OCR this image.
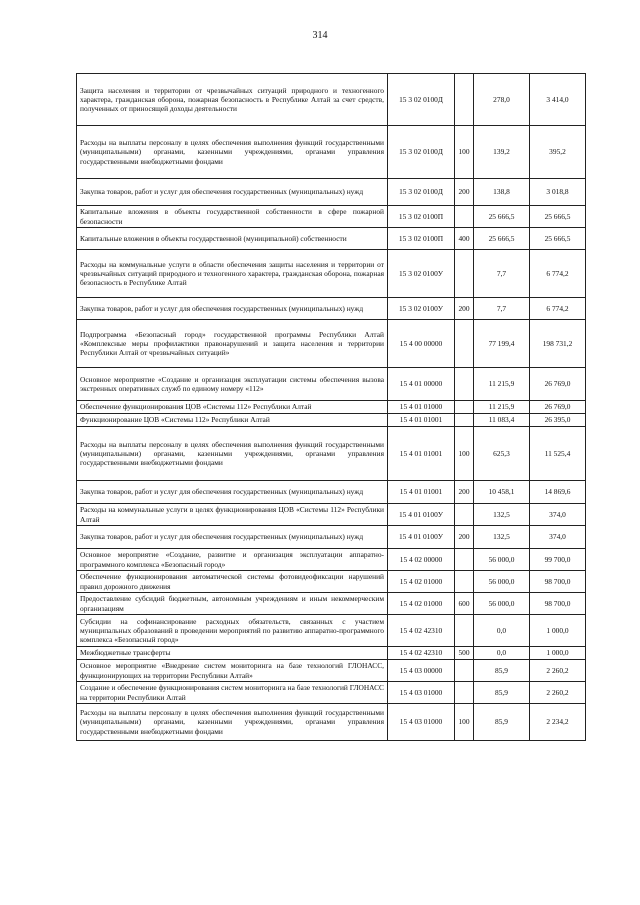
314
Защита населения и территории от чрезвычайных ситуаций природного и техногенного характера, гражданская оборона, пожарная безопасность в Республике Алтай за счет средств, полученных от приносящей доходы деятельности	15 3 02 0100Д		278,0	3 414,0
Расходы на выплаты персоналу в целях обеспечения выполнения функций государственными (муниципальными) органами, казенными учреждениями, органами управления государственными внебюджетными фондами	15 3 02 0100Д	100	139,2	395,2
Закупка товаров, работ и услуг для обеспечения государственных (муниципальных) нужд	15 3 02 0100Д	200	138,8	3 018,8
Капитальные вложения в объекты государственной собственности в сфере пожарной безопасности	15 3 02 0100П		25 666,5	25 666,5
Капитальные вложения в объекты государственной (муниципальной) собственности	15 3 02 0100П	400	25 666,5	25 666,5
Расходы на коммунальные услуги в области обеспечения защиты населения и территории от чрезвычайных ситуаций природного и техногенного характера, гражданская оборона, пожарная безопасность в Республике Алтай	15 3 02 0100У		7,7	6 774,2
Закупка товаров, работ и услуг для обеспечения государственных (муниципальных) нужд	15 3 02 0100У	200	7,7	6 774,2
Подпрограмма «Безопасный город» государственной программы Республики Алтай «Комплексные меры профилактики правонарушений и защита населения и территории Республики Алтай от чрезвычайных ситуаций»	15 4 00 00000		77 199,4	198 731,2
Основное мероприятие «Создание и организация эксплуатации системы обеспечения вызова экстренных оперативных служб по единому номеру «112»	15 4 01 00000		11 215,9	26 769,0
Обеспечение функционирования ЦОВ «Системы 112» Республики Алтай	15 4 01 01000		11 215,9	26 769,0
Функционирование ЦОВ «Системы 112» Республики Алтай	15 4 01 01001		11 083,4	26 395,0
Расходы на выплаты персоналу в целях обеспечения выполнения функций государственными (муниципальными) органами, казенными учреждениями, органами управления государственными внебюджетными фондами	15 4 01 01001	100	625,3	11 525,4
Закупка товаров, работ и услуг для обеспечения государственных (муниципальных) нужд	15 4 01 01001	200	10 458,1	14 869,6
Расходы на коммунальные услуги в целях функционирования ЦОВ «Системы 112» Республики Алтай	15 4 01 0100У		132,5	374,0
Закупка товаров, работ и услуг для обеспечения государственных (муниципальных) нужд	15 4 01 0100У	200	132,5	374,0
Основное мероприятие «Создание, развитие и организация эксплуатации аппаратно-программного комплекса «Безопасный город»	15 4 02 00000		56 000,0	99 700,0
Обеспечение функционирования автоматической системы фотовидеофиксации нарушений правил дорожного движения	15 4 02 01000		56 000,0	98 700,0
Предоставление субсидий бюджетным, автономным учреждениям и иным некоммерческим организациям	15 4 02 01000	600	56 000,0	98 700,0
Субсидии на софинансирование расходных обязательств, связанных с участием муниципальных образований в проведении мероприятий по развитию аппаратно-программного комплекса «Безопасный город»	15 4 02 42310		0,0	1 000,0
Межбюджетные трансферты	15 4 02 42310	500	0,0	1 000,0
Основное мероприятие «Внедрение систем мониторинга на базе технологий ГЛОНАСС, функционирующих на территории Республики Алтай»	15 4 03 00000		85,9	2 260,2
Создание и обеспечение функционирования систем мониторинга на базе технологий ГЛОНАСС на территории Республики Алтай	15 4 03 01000		85,9	2 260,2
Расходы на выплаты персоналу в целях обеспечения выполнения функций государственными (муниципальными) органами, казенными учреждениями, органами управления государственными внебюджетными фондами	15 4 03 01000	100	85,9	2 234,2
